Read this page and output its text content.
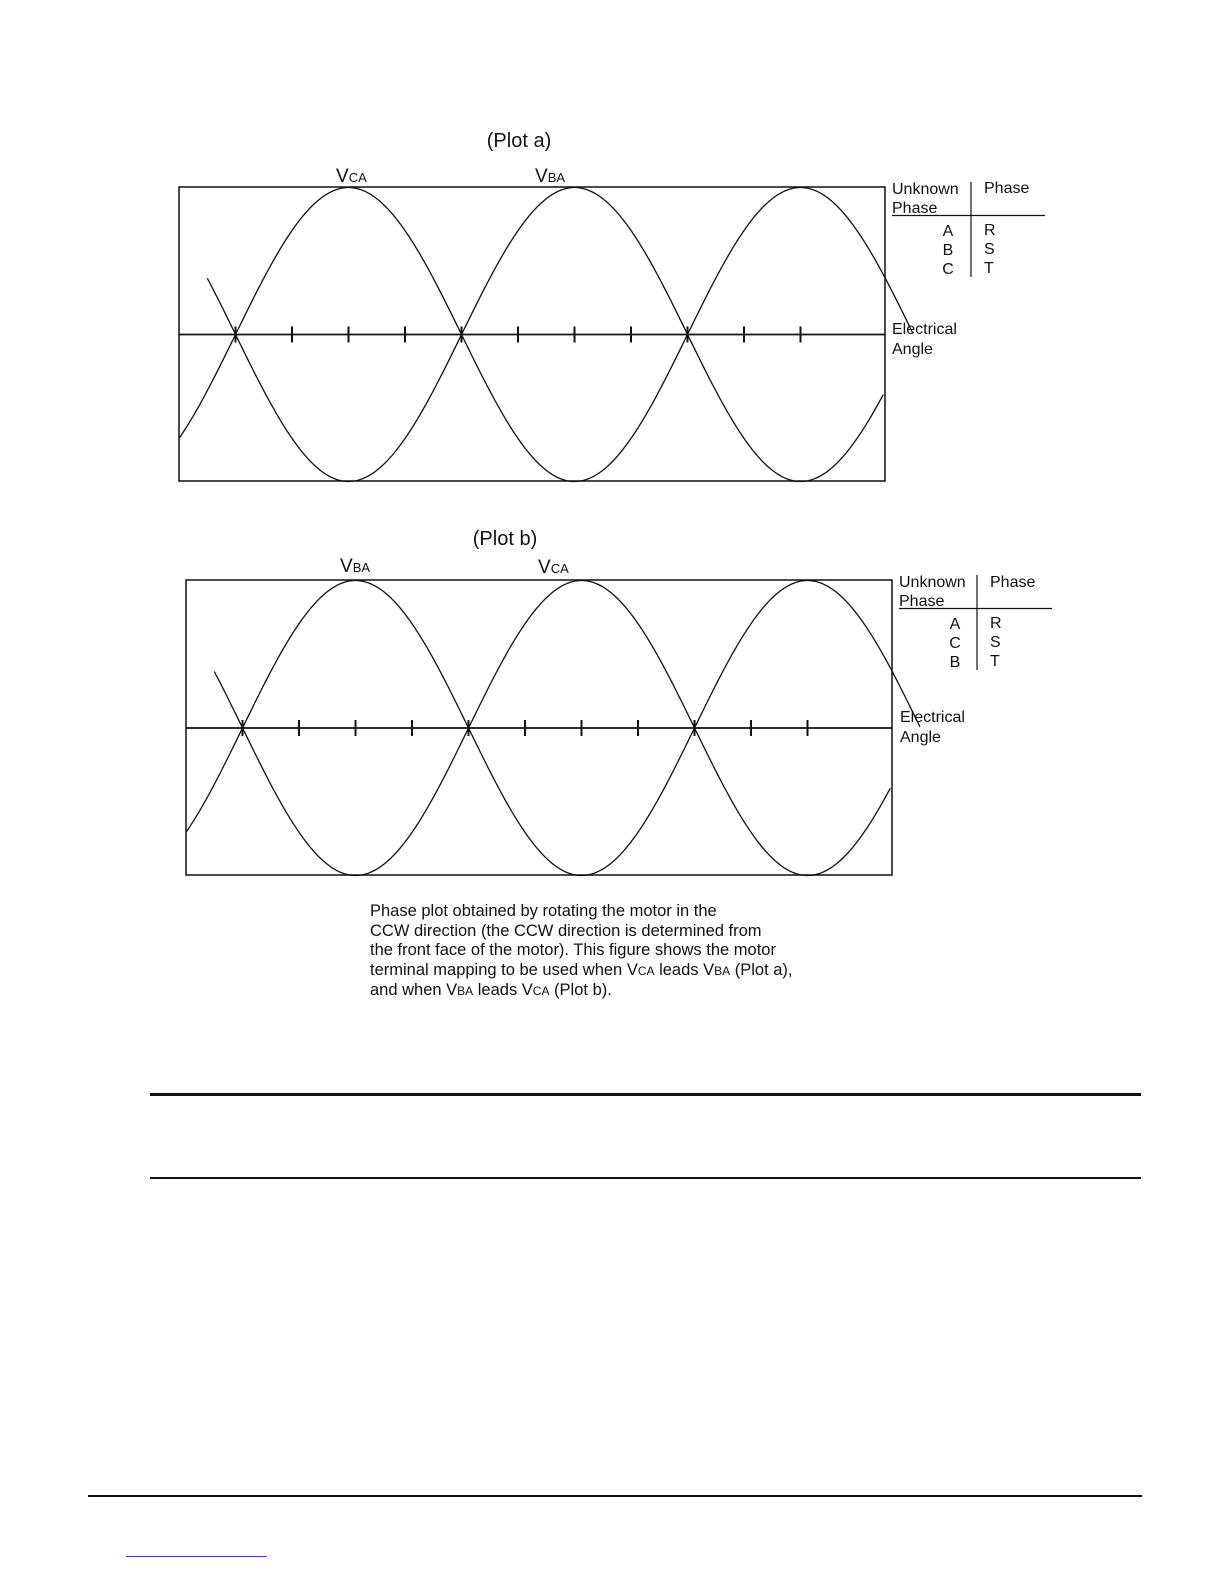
(Plot a)
VCA	VBA
Unknown
Phase
Phase
A
B
C
R
S
T
Electrical
Angle
(Plot b)
VBA	VCA
Unknown
Phase
Phase
A
C
B
R
S
T
Electrical
Angle
Phase plot obtained by rotating the motor in the
CCW direction (the CCW direction is determined from
the front face of the motor). This figure shows the motor
terminal mapping to be used when VCA leads VBA (Plot a),
and when VBA leads VCA (Plot b).
